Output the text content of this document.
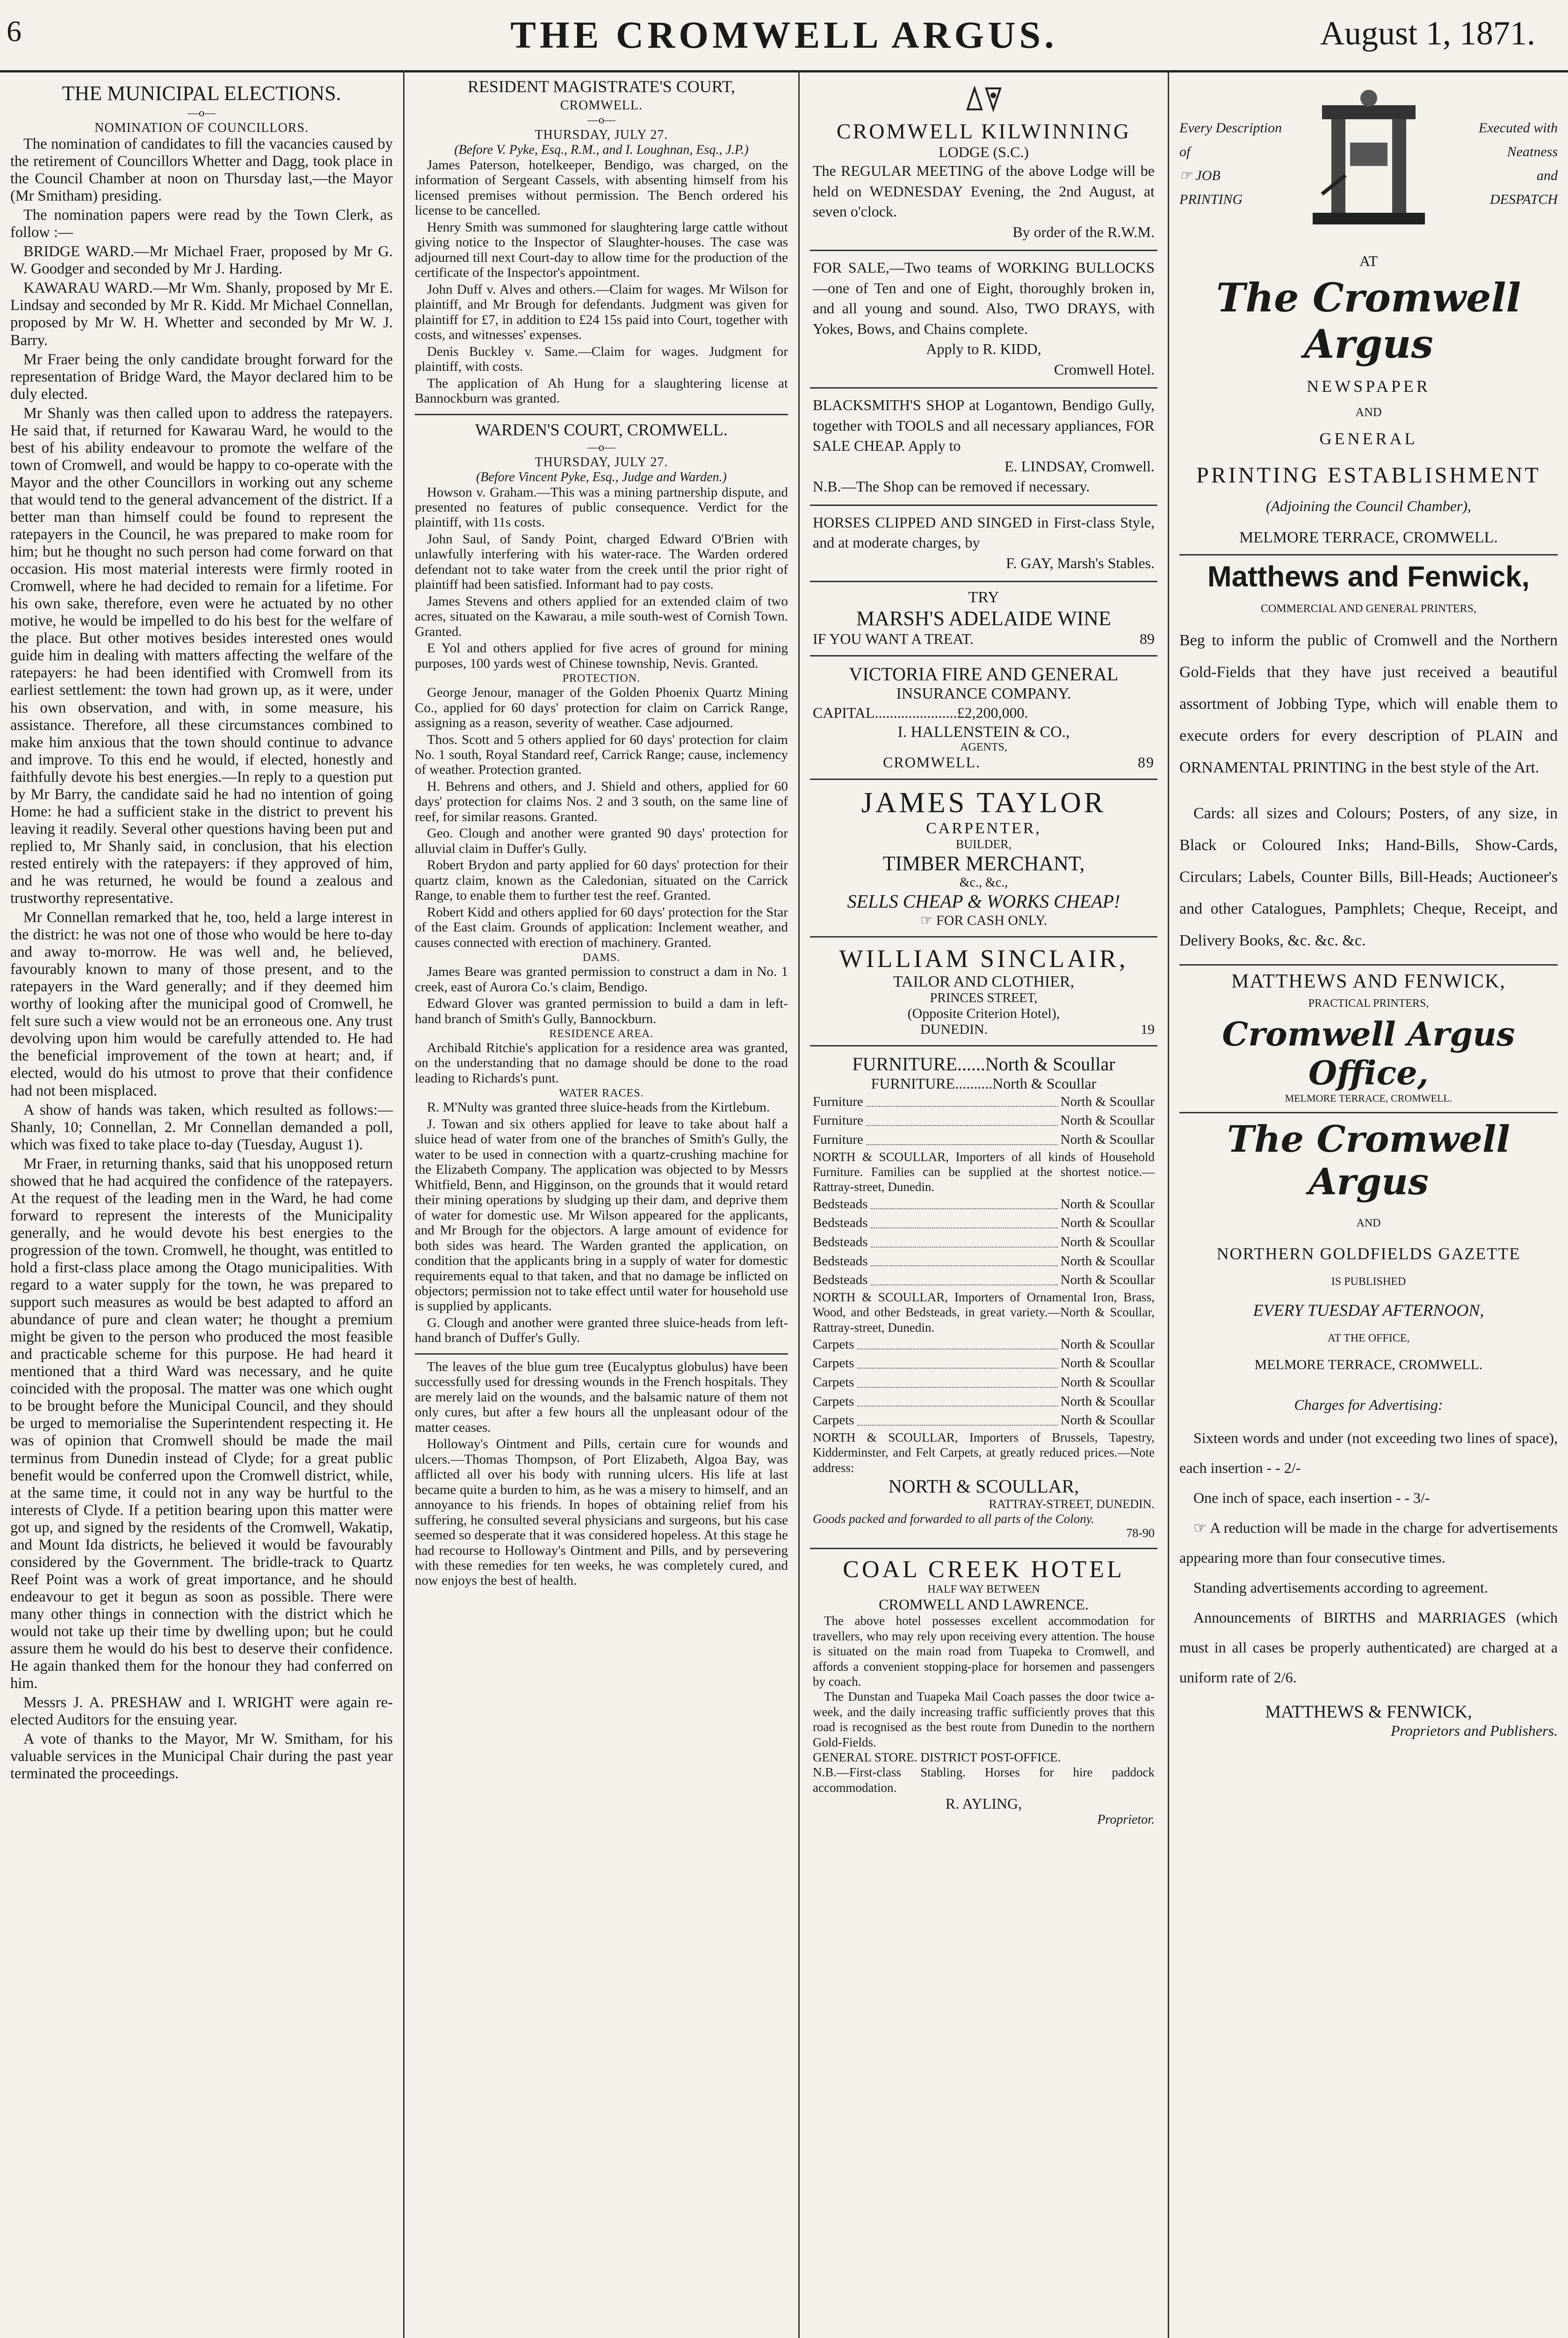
6	THE CROMWELL ARGUS.	August 1, 1871.
THE MUNICIPAL ELECTIONS.
—o—
NOMINATION OF COUNCILLORS.

The nomination of candidates to fill the vacancies caused by the retirement of Councillors Whetter and Dagg, took place in the Council Chamber at noon on Thursday last,—the Mayor (Mr Smitham) presiding.

The nomination papers were read by the Town Clerk, as follow :—

BRIDGE WARD.—Mr Michael Fraer, proposed by Mr G. W. Goodger and seconded by Mr J. Harding.

KAWARAU WARD.—Mr Wm. Shanly, proposed by Mr E. Lindsay and seconded by Mr R. Kidd. Mr Michael Connellan, proposed by Mr W. H. Whetter and seconded by Mr W. J. Barry.

Mr Fraer being the only candidate brought forward for the representation of Bridge Ward, the Mayor declared him to be duly elected.

Mr Shanly was then called upon to address the ratepayers. He said that, if returned for Kawarau Ward, he would to the best of his ability endeavour to promote the welfare of the town of Cromwell, and would be happy to co-operate with the Mayor and the other Councillors in working out any scheme that would tend to the general advancement of the district. If a better man than himself could be found to represent the ratepayers in the Council, he was prepared to make room for him; but he thought no such person had come forward on that occasion. His most material interests were firmly rooted in Cromwell, where he had decided to remain for a lifetime. For his own sake, therefore, even were he actuated by no other motive, he would be impelled to do his best for the welfare of the place. But other motives besides interested ones would guide him in dealing with matters affecting the welfare of the ratepayers: he had been identified with Cromwell from its earliest settlement: the town had grown up, as it were, under his own observation, and with, in some measure, his assistance. Therefore, all these circumstances combined to make him anxious that the town should continue to advance and improve. To this end he would, if elected, honestly and faithfully devote his best energies.—In reply to a question put by Mr Barry, the candidate said he had no intention of going Home: he had a sufficient stake in the district to prevent his leaving it readily. Several other questions having been put and replied to, Mr Shanly said, in conclusion, that his election rested entirely with the ratepayers: if they approved of him, and he was returned, he would be found a zealous and trustworthy representative.

Mr Connellan remarked that he, too, held a large interest in the district: he was not one of those who would be here to-day and away to-morrow. He was well and, he believed, favourably known to many of those present, and to the ratepayers in the Ward generally; and if they deemed him worthy of looking after the municipal good of Cromwell, he felt sure such a view would not be an erroneous one. Any trust devolving upon him would be carefully attended to. He had the beneficial improvement of the town at heart; and, if elected, would do his utmost to prove that their confidence had not been misplaced.

A show of hands was taken, which resulted as follows:—Shanly, 10; Connellan, 2. Mr Connellan demanded a poll, which was fixed to take place to-day (Tuesday, August 1).

Mr Fraer, in returning thanks, said that his unopposed return showed that he had acquired the confidence of the ratepayers. At the request of the leading men in the Ward, he had come forward to represent the interests of the Municipality generally, and he would devote his best energies to the progression of the town. Cromwell, he thought, was entitled to hold a first-class place among the Otago municipalities. With regard to a water supply for the town, he was prepared to support such measures as would be best adapted to afford an abundance of pure and clean water; he thought a premium might be given to the person who produced the most feasible and practicable scheme for this purpose. He had heard it mentioned that a third Ward was necessary, and he quite coincided with the proposal. The matter was one which ought to be brought before the Municipal Council, and they should be urged to memorialise the Superintendent respecting it. He was of opinion that Cromwell should be made the mail terminus from Dunedin instead of Clyde; for a great public benefit would be conferred upon the Cromwell district, while, at the same time, it could not in any way be hurtful to the interests of Clyde. If a petition bearing upon this matter were got up, and signed by the residents of the Cromwell, Wakatip, and Mount Ida districts, he believed it would be favourably considered by the Government. The bridle-track to Quartz Reef Point was a work of great importance, and he should endeavour to get it begun as soon as possible. There were many other things in connection with the district which he would not take up their time by dwelling upon; but he could assure them he would do his best to deserve their confidence. He again thanked them for the honour they had conferred on him.

Messrs J. A. PRESHAW and I. WRIGHT were again re-elected Auditors for the ensuing year.

A vote of thanks to the Mayor, Mr W. Smitham, for his valuable services in the Municipal Chair during the past year terminated the proceedings.

RESIDENT MAGISTRATE'S COURT,
CROMWELL.
—o—
THURSDAY, JULY 27.
(Before V. Pyke, Esq., R.M., and I. Loughnan, Esq., J.P.)

James Paterson, hotelkeeper, Bendigo, was charged, on the information of Sergeant Cassels, with absenting himself from his licensed premises without permission. The Bench ordered his license to be cancelled.

Henry Smith was summoned for slaughtering large cattle without giving notice to the Inspector of Slaughter-houses. The case was adjourned till next Court-day to allow time for the production of the certificate of the Inspector's appointment.

John Duff v. Alves and others.—Claim for wages. Mr Wilson for plaintiff, and Mr Brough for defendants. Judgment was given for plaintiff for £7, in addition to £24 15s paid into Court, together with costs, and witnesses' expenses.

Denis Buckley v. Same.—Claim for wages. Judgment for plaintiff, with costs.

The application of Ah Hung for a slaughtering license at Bannockburn was granted.

WARDEN'S COURT, CROMWELL.
—o—
THURSDAY, JULY 27.
(Before Vincent Pyke, Esq., Judge and Warden.)

Howson v. Graham.—This was a mining partnership dispute, and presented no features of public consequence. Verdict for the plaintiff, with 11s costs.

John Saul, of Sandy Point, charged Edward O'Brien with unlawfully interfering with his water-race. The Warden ordered defendant not to take water from the creek until the prior right of plaintiff had been satisfied. Informant had to pay costs.

James Stevens and others applied for an extended claim of two acres, situated on the Kawarau, a mile south-west of Cornish Town. Granted.

E Yol and others applied for five acres of ground for mining purposes, 100 yards west of Chinese township, Nevis. Granted.

PROTECTION.

George Jenour, manager of the Golden Phoenix Quartz Mining Co., applied for 60 days' protection for claim on Carrick Range, assigning as a reason, severity of weather. Case adjourned.

Thos. Scott and 5 others applied for 60 days' protection for claim No. 1 south, Royal Standard reef, Carrick Range; cause, inclemency of weather. Protection granted.

H. Behrens and others, and J. Shield and others, applied for 60 days' protection for claims Nos. 2 and 3 south, on the same line of reef, for similar reasons. Granted.

Geo. Clough and another were granted 90 days' protection for alluvial claim in Duffer's Gully.

Robert Brydon and party applied for 60 days' protection for their quartz claim, known as the Caledonian, situated on the Carrick Range, to enable them to further test the reef. Granted.

Robert Kidd and others applied for 60 days' protection for the Star of the East claim. Grounds of application: Inclement weather, and causes connected with erection of machinery. Granted.

DAMS.

James Beare was granted permission to construct a dam in No. 1 creek, east of Aurora Co.'s claim, Bendigo.

Edward Glover was granted permission to build a dam in left-hand branch of Smith's Gully, Bannockburn.

RESIDENCE AREA.

Archibald Ritchie's application for a residence area was granted, on the understanding that no damage should be done to the road leading to Richards's punt.

WATER RACES.

R. M'Nulty was granted three sluice-heads from the Kirtlebum.

J. Towan and six others applied for leave to take about half a sluice head of water from one of the branches of Smith's Gully, the water to be used in connection with a quartz-crushing machine for the Elizabeth Company. The application was objected to by Messrs Whitfield, Benn, and Higginson, on the grounds that it would retard their mining operations by sludging up their dam, and deprive them of water for domestic use. Mr Wilson appeared for the applicants, and Mr Brough for the objectors. A large amount of evidence for both sides was heard. The Warden granted the application, on condition that the applicants bring in a supply of water for domestic requirements equal to that taken, and that no damage be inflicted on objectors; permission not to take effect until water for household use is supplied by applicants.

G. Clough and another were granted three sluice-heads from left-hand branch of Duffer's Gully.

The leaves of the blue gum tree (Eucalyptus globulus) have been successfully used for dressing wounds in the French hospitals. They are merely laid on the wounds, and the balsamic nature of them not only cures, but after a few hours all the unpleasant odour of the matter ceases.

Holloway's Ointment and Pills, certain cure for wounds and ulcers.—Thomas Thompson, of Port Elizabeth, Algoa Bay, was afflicted all over his body with running ulcers. His life at last became quite a burden to him, as he was a misery to himself, and an annoyance to his friends. In hopes of obtaining relief from his suffering, he consulted several physicians and surgeons, but his case seemed so desperate that it was considered hopeless. At this stage he had recourse to Holloway's Ointment and Pills, and by persevering with these remedies for ten weeks, he was completely cured, and now enjoys the best of health.

CROMWELL KILWINNING
LODGE (S.C.)
The REGULAR MEETING of the above Lodge will be held on WEDNESDAY Evening, the 2nd August, at seven o'clock.
By order of the R.W.M.
FOR SALE,—Two teams of WORKING BULLOCKS—one of Ten and one of Eight, thoroughly broken in, and all young and sound. Also, TWO DRAYS, with Yokes, Bows, and Chains complete.
Apply to R. KIDD,
Cromwell Hotel.
BLACKSMITH'S SHOP at Logantown, Bendigo Gully, together with TOOLS and all necessary appliances, FOR SALE CHEAP. Apply to
E. LINDSAY, Cromwell.
N.B.—The Shop can be removed if necessary.
HORSES CLIPPED AND SINGED in First-class Style, and at moderate charges, by
F. GAY, Marsh's Stables.
TRY
MARSH'S ADELAIDE WINE
IF YOU WANT A TREAT.	89
VICTORIA FIRE AND GENERAL
INSURANCE COMPANY.
CAPITAL......................£2,200,000.
I. HALLENSTEIN & CO.,
AGENTS,
CROMWELL.	89
JAMES TAYLOR
CARPENTER,
BUILDER,
TIMBER MERCHANT,
&c., &c.,
SELLS CHEAP & WORKS CHEAP!
☞ FOR CASH ONLY.
WILLIAM SINCLAIR,
TAILOR AND CLOTHIER,
PRINCES STREET,
(Opposite Criterion Hotel),
DUNEDIN.	19
FURNITURE......North & Scoullar
FURNITURE..........North & Scoullar
Furniture	North & Scoullar
Furniture	North & Scoullar
Furniture	North & Scoullar
NORTH & SCOULLAR, Importers of all kinds of Household Furniture. Families can be supplied at the shortest notice.—Rattray-street, Dunedin.
Bedsteads	North & Scoullar
Bedsteads	North & Scoullar
Bedsteads	North & Scoullar
Bedsteads	North & Scoullar
Bedsteads	North & Scoullar
NORTH & SCOULLAR, Importers of Ornamental Iron, Brass, Wood, and other Bedsteads, in great variety.—North & Scoullar, Rattray-street, Dunedin.
Carpets	North & Scoullar
Carpets	North & Scoullar
Carpets	North & Scoullar
Carpets	North & Scoullar
Carpets	North & Scoullar
NORTH & SCOULLAR, Importers of Brussels, Tapestry, Kidderminster, and Felt Carpets, at greatly reduced prices.—Note address:
NORTH & SCOULLAR,
RATTRAY-STREET, DUNEDIN.
Goods packed and forwarded to all parts of the Colony.
78-90
COAL CREEK HOTEL
HALF WAY BETWEEN
CROMWELL AND LAWRENCE.
The above hotel possesses excellent accommodation for travellers, who may rely upon receiving every attention. The house is situated on the main road from Tuapeka to Cromwell, and affords a convenient stopping-place for horsemen and passengers by coach.
The Dunstan and Tuapeka Mail Coach passes the door twice a-week, and the daily increasing traffic sufficiently proves that this road is recognised as the best route from Dunedin to the northern Gold-Fields.
GENERAL STORE. DISTRICT POST-OFFICE.
N.B.—First-class Stabling. Horses for hire paddock accommodation.
R. AYLING,
Proprietor.
Every Description of
☞ JOB
PRINTING
Executed with
Neatness
and
DESPATCH
AT
The Cromwell Argus
NEWSPAPER
AND
GENERAL
PRINTING ESTABLISHMENT
(Adjoining the Council Chamber),
MELMORE TERRACE, CROMWELL.
Matthews and Fenwick,
COMMERCIAL AND GENERAL PRINTERS,
Beg to inform the public of Cromwell and the Northern Gold-Fields that they have just received a beautiful assortment of Jobbing Type, which will enable them to execute orders for every description of PLAIN and ORNAMENTAL PRINTING in the best style of the Art.
Cards: all sizes and Colours; Posters, of any size, in Black or Coloured Inks; Hand-Bills, Show-Cards, Circulars; Labels, Counter Bills, Bill-Heads; Auctioneer's and other Catalogues, Pamphlets; Cheque, Receipt, and Delivery Books, &c. &c. &c.
MATTHEWS AND FENWICK,
PRACTICAL PRINTERS,
Cromwell Argus Office,
MELMORE TERRACE, CROMWELL.
The Cromwell Argus
AND
NORTHERN GOLDFIELDS GAZETTE
IS PUBLISHED
EVERY TUESDAY AFTERNOON,
AT THE OFFICE,
MELMORE TERRACE, CROMWELL.
Charges for Advertising:
Sixteen words and under (not exceeding two lines of space), each insertion - - 2/-
One inch of space, each insertion - - 3/-
☞ A reduction will be made in the charge for advertisements appearing more than four consecutive times.
Standing advertisements according to agreement.
Announcements of BIRTHS and MARRIAGES (which must in all cases be properly authenticated) are charged at a uniform rate of 2/6.
MATTHEWS & FENWICK,
Proprietors and Publishers.
